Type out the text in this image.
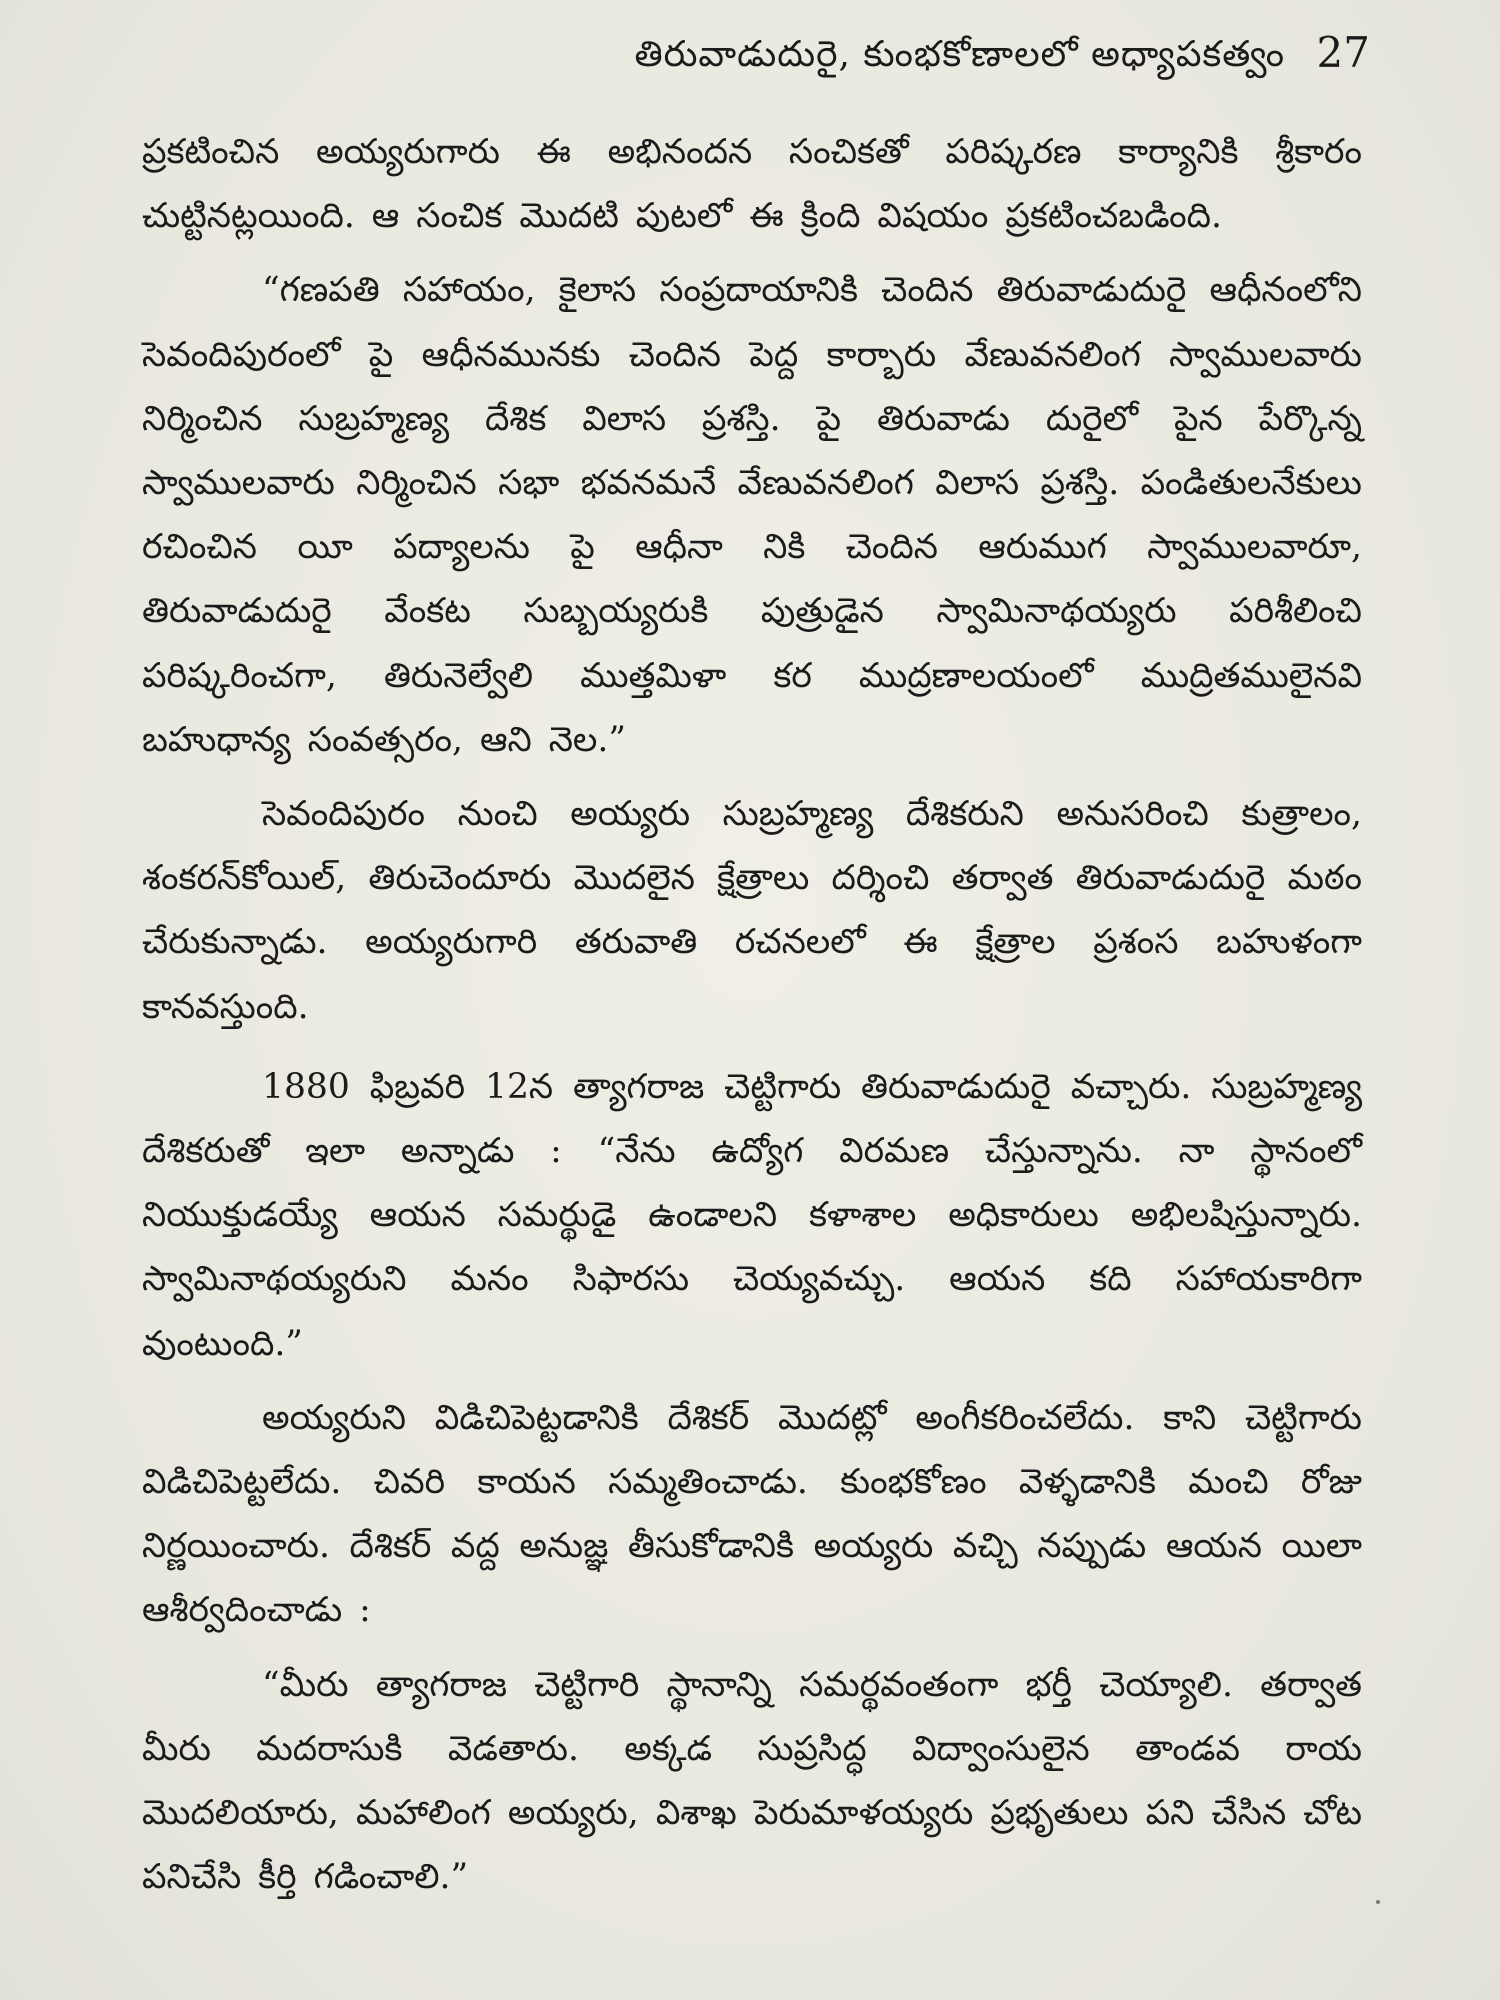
తిరువాడుదురై, కుంభకోణాలలో అధ్యాపకత్వం 27

ప్రకటించిన అయ్యరుగారు ఈ అభినందన సంచికతో పరిష్కరణ కార్యానికి శ్రీకారం చుట్టినట్లయింది. ఆ సంచిక మొదటి పుటలో ఈ క్రింది విషయం ప్రకటించబడింది.

“గణపతి సహాయం, కైలాస సంప్రదాయానికి చెందిన తిరువాడుదురై ఆధీనంలోని సెవందిపురంలో పై ఆధీనమునకు చెందిన పెద్ద కార్బారు వేణువనలింగ స్వాములవారు నిర్మించిన సుబ్రహ్మణ్య దేశిక విలాస ప్రశస్తి. పై తిరువాడు దురైలో పైన పేర్కొన్న స్వాములవారు నిర్మించిన సభా భవనమనే వేణువనలింగ విలాస ప్రశస్తి. పండితులనేకులు రచించిన యీ పద్యాలను పై ఆధీనా నికి చెందిన ఆరుముగ స్వాములవారూ, తిరువాడుదురై వేంకట సుబ్బయ్యరుకి పుత్రుడైన స్వామినాథయ్యరు పరిశీలించి పరిష్కరించగా, తిరునెల్వేలి ముత్తమిళా కర ముద్రణాలయంలో ముద్రితములైనవి బహుధాన్య సంవత్సరం, ఆని నెల.”

సెవందిపురం నుంచి అయ్యరు సుబ్రహ్మణ్య దేశికరుని అనుసరించి కుత్రాలం, శంకరన్‌కోయిల్, తిరుచెందూరు మొదలైన క్షేత్రాలు దర్శించి తర్వాత తిరువాడుదురై మఠం చేరుకున్నాడు. అయ్యరుగారి తరువాతి రచనలలో ఈ క్షేత్రాల ప్రశంస బహుళంగా కానవస్తుంది.

1880 ఫిబ్రవరి 12న త్యాగరాజ చెట్టిగారు తిరువాడుదురై వచ్చారు. సుబ్రహ్మణ్య దేశికరుతో ఇలా అన్నాడు : “నేను ఉద్యోగ విరమణ చేస్తున్నాను. నా స్థానంలో నియుక్తుడయ్యే ఆయన సమర్థుడై ఉండాలని కళాశాల అధికారులు అభిలషిస్తున్నారు. స్వామినాథయ్యరుని మనం సిఫారసు చెయ్యవచ్చు. ఆయన కది సహాయకారిగా వుంటుంది.”

అయ్యరుని విడిచిపెట్టడానికి దేశికర్ మొదట్లో అంగీకరించలేదు. కాని చెట్టిగారు విడిచిపెట్టలేదు. చివరి కాయన సమ్మతించాడు. కుంభకోణం వెళ్ళడానికి మంచి రోజు నిర్ణయించారు. దేశికర్ వద్ద అనుజ్ఞ తీసుకోడానికి అయ్యరు వచ్చి నప్పుడు ఆయన యిలా ఆశీర్వదించాడు :

“మీరు త్యాగరాజ చెట్టిగారి స్థానాన్ని సమర్థవంతంగా భర్తీ చెయ్యాలి. తర్వాత మీరు మదరాసుకి వెడతారు. అక్కడ సుప్రసిద్ధ విద్వాంసులైన తాండవ రాయ మొదలియారు, మహాలింగ అయ్యరు, విశాఖ పెరుమాళయ్యరు ప్రభృతులు పని చేసిన చోట పనిచేసి కీర్తి గడించాలి.”
